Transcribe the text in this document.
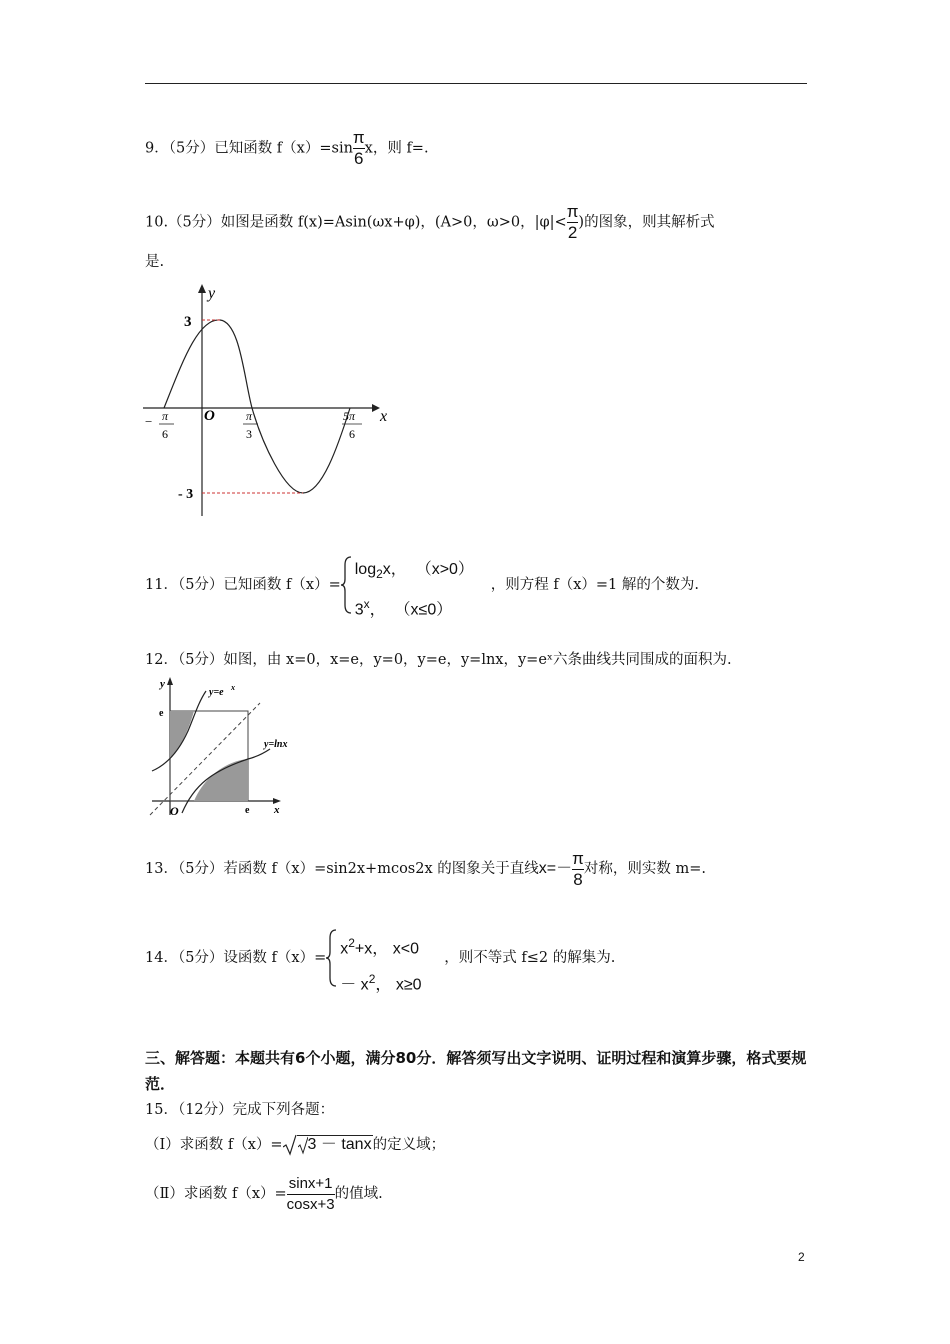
9．（5分）已知函数 $f(x)=\sin \frac{\pi}{6}$ x，则 f=.
10.（5分）如图是函数 f(x)=Asin(ωx+φ)，(A>0，ω>0，$|\varphi|< \frac{\pi}{2}$ )的图象，则其解析式
是.
y
x
O
3
- 3
− π
6
π
3
5π
6
11．（5分）已知函数 f（x）=
$\log_2x$， （x>0）
3$^x$， （x≤0）
，则方程 f（x）=1 解的个数为.
12．（5分）如图，由 x=0，x=e，y=0，y=e，y=lnx，y=eˣ六条曲线共同围成的面积为.
y
x
O
e
e
y=e x
y=lnx
13．（5分）若函数 f（x）=sin2x+mcos2x 的图象关于直线$x=- \frac{\pi}{8}$ 对称，则实数 m=.
14．（5分）设函数 f（x）=
$x^2+x$， x<0
－ $x^2$， x≥0
，则不等式 f≤2 的解集为.
三、解答题：本题共有6个小题，满分80分．解答须写出文字说明、证明过程和演算步骤，格式要规范．
15．（12分）完成下列各题：
（Ⅰ）求函数 f（x）= 3 － tanx的定义域；
（Ⅱ）求函数 $f(x)= \frac{\sin x+1}{\cos x+3}$ 的值域.
2
